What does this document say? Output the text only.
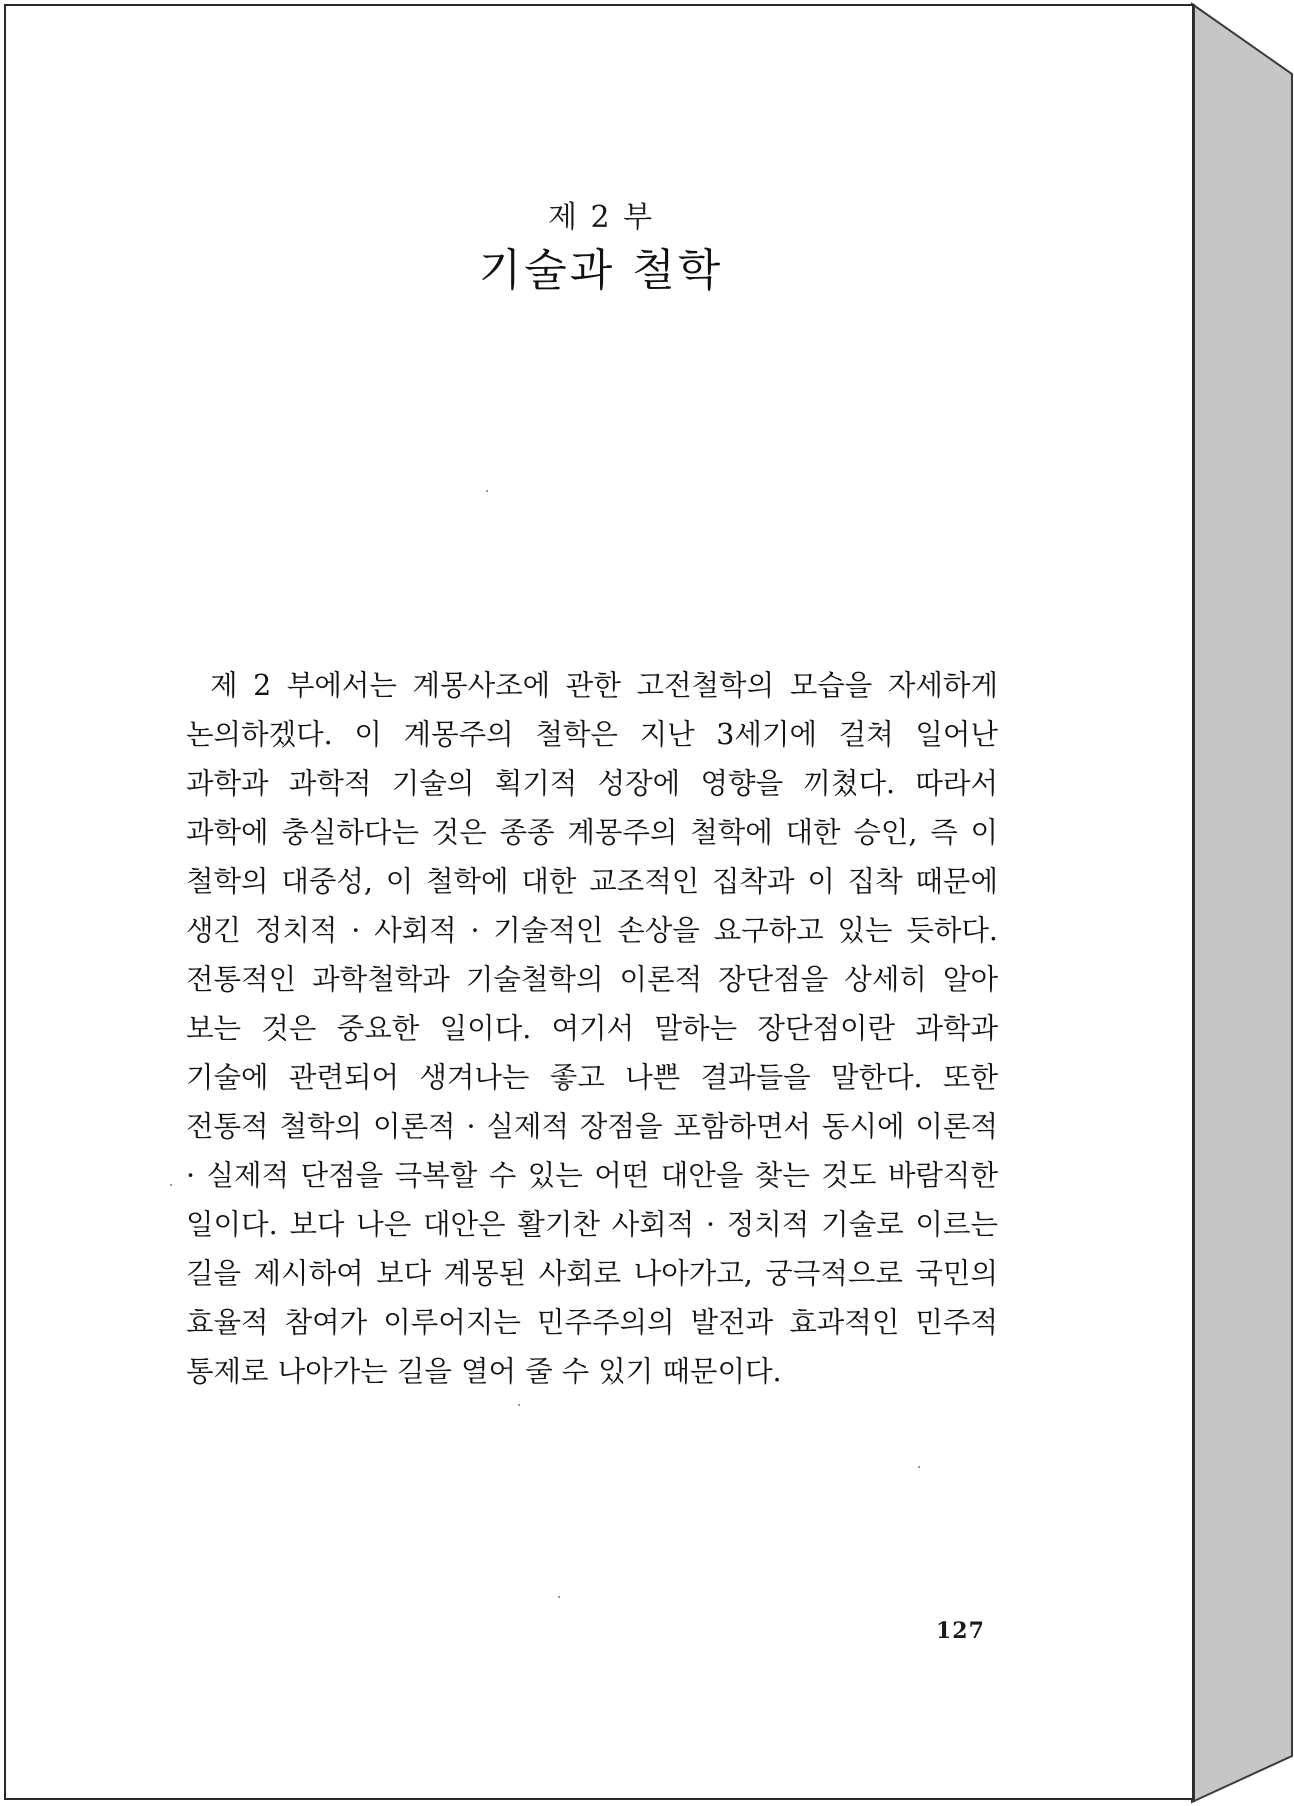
제 2 부
기술과 철학

제 2 부에서는 계몽사조에 관한 고전철학의 모습을 자세하게 논의하겠다. 이 계몽주의 철학은 지난 3세기에 걸쳐 일어난 과학과 과학적 기술의 획기적 성장에 영향을 끼쳤다. 따라서 과학에 충실하다는 것은 종종 계몽주의 철학에 대한 승인, 즉 이 철학의 대중성, 이 철학에 대한 교조적인 집착과 이 집착 때문에 생긴 정치적 · 사회적 · 기술적인 손상을 요구하고 있는 듯하다. 전통적인 과학철학과 기술철학의 이론적 장단점을 상세히 알아 보는 것은 중요한 일이다. 여기서 말하는 장단점이란 과학과 기술에 관련되어 생겨나는 좋고 나쁜 결과들을 말한다. 또한 전통적 철학의 이론적 · 실제적 장점을 포함하면서 동시에 이론적 · 실제적 단점을 극복할 수 있는 어떤 대안을 찾는 것도 바람직한 일이다. 보다 나은 대안은 활기찬 사회적 · 정치적 기술로 이르는 길을 제시하여 보다 계몽된 사회로 나아가고, 궁극적으로 국민의 효율적 참여가 이루어지는 민주주의의 발전과 효과적인 민주적 통제로 나아가는 길을 열어 줄 수 있기 때문이다.

127
